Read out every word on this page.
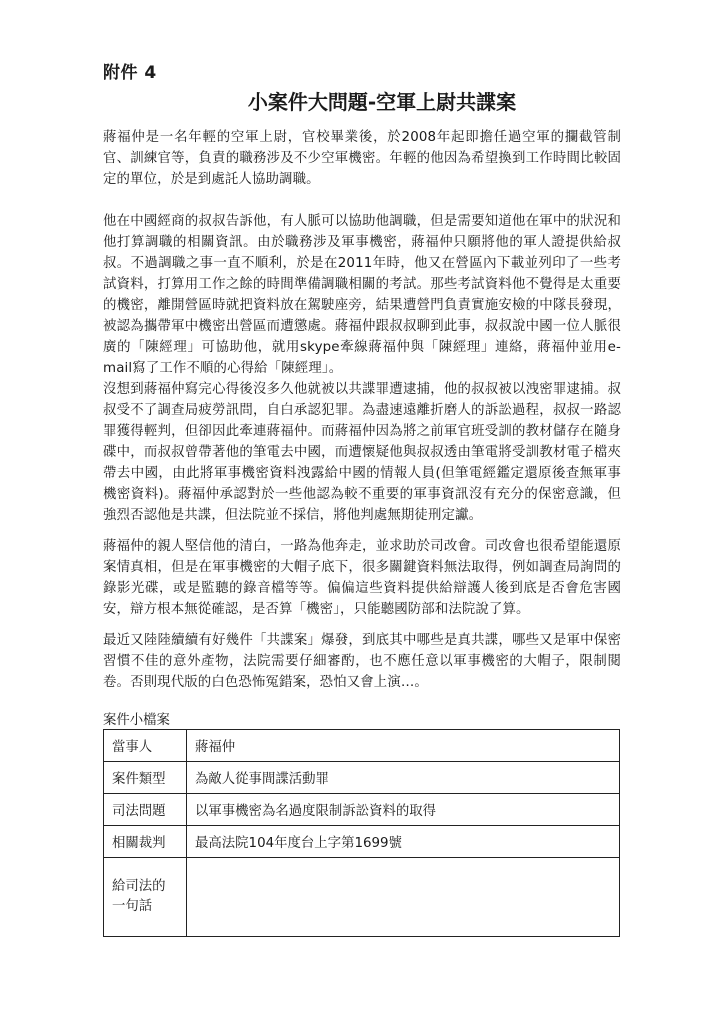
附件 4
小案件大問題-空軍上尉共諜案

蔣福仲是一名年輕的空軍上尉，官校畢業後，於2008年起即擔任過空軍的攔截管制官、訓練官等，負責的職務涉及不少空軍機密。年輕的他因為希望換到工作時間比較固定的單位，於是到處託人協助調職。

他在中國經商的叔叔告訴他，有人脈可以協助他調職，但是需要知道他在軍中的狀況和他打算調職的相關資訊。由於職務涉及軍事機密，蔣福仲只願將他的軍人證提供給叔叔。不過調職之事一直不順利，於是在2011年時，他又在營區內下載並列印了一些考試資料，打算用工作之餘的時間準備調職相關的考試。那些考試資料他不覺得是太重要的機密，離開營區時就把資料放在駕駛座旁，結果遭營門負責實施安檢的中隊長發現，被認為攜帶軍中機密出營區而遭懲處。蔣福仲跟叔叔聊到此事，叔叔說中國一位人脈很廣的「陳經理」可協助他，就用skype牽線蔣福仲與「陳經理」連絡，蔣福仲並用e-mail寫了工作不順的心得給「陳經理」。

沒想到蔣福仲寫完心得後沒多久他就被以共諜罪遭逮捕，他的叔叔被以洩密罪逮捕。叔叔受不了調查局疲勞訊問，自白承認犯罪。為盡速遠離折磨人的訴訟過程，叔叔一路認罪獲得輕判，但卻因此牽連蔣福仲。而蔣福仲因為將之前軍官班受訓的教材儲存在隨身碟中，而叔叔曾帶著他的筆電去中國，而遭懷疑他與叔叔透由筆電將受訓教材電子檔夾帶去中國，由此將軍事機密資料洩露給中國的情報人員(但筆電經鑑定還原後查無軍事機密資料)。蔣福仲承認對於一些他認為較不重要的軍事資訊沒有充分的保密意識，但強烈否認他是共諜，但法院並不採信，將他判處無期徒刑定讞。

蔣福仲的親人堅信他的清白，一路為他奔走，並求助於司改會。司改會也很希望能還原案情真相，但是在軍事機密的大帽子底下，很多關鍵資料無法取得，例如調查局詢問的錄影光碟，或是監聽的錄音檔等等。偏偏這些資料提供給辯護人後到底是否會危害國安，辯方根本無從確認，是否算「機密」，只能聽國防部和法院說了算。

最近又陸陸續續有好幾件「共諜案」爆發，到底其中哪些是真共諜，哪些又是軍中保密習慣不佳的意外產物，法院需要仔細審酌，也不應任意以軍事機密的大帽子，限制閱卷。否則現代版的白色恐怖冤錯案，恐怕又會上演…。

案件小檔案
當事人	蔣福仲
案件類型	為敵人從事間諜活動罪
司法問題	以軍事機密為名過度限制訴訟資料的取得
相關裁判	最高法院104年度台上字第1699號
給司法的一句話	
